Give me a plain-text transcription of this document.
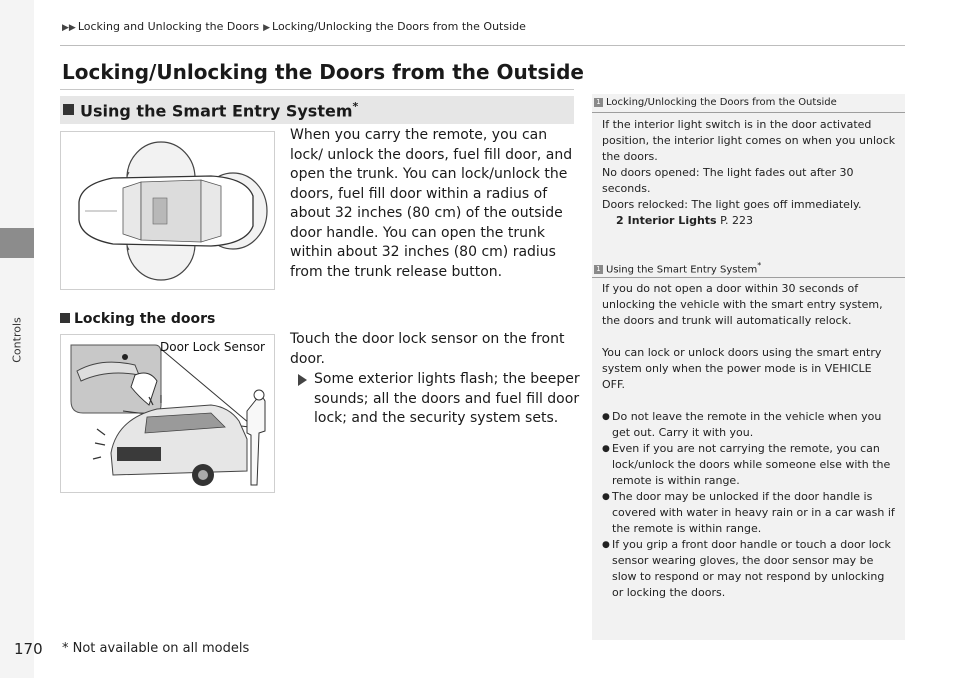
▶▶ Locking and Unlocking the Doors ▶ Locking/Unlocking the Doors from the Outside
Controls
170
Locking/Unlocking the Doors from the Outside
Using the Smart Entry System*
When you carry the remote, you can lock/ unlock the doors, fuel fill door, and open the trunk. You can lock/unlock the doors, fuel fill door within a radius of about 32 inches (80 cm) of the outside door handle. You can open the trunk within about 32 inches (80 cm) radius from the trunk release button.
Locking the doors
Door Lock Sensor Touch the door lock sensor on the front door.
Some exterior lights flash; the beeper sounds; all the doors and fuel fill door lock; and the security system sets.
1 Locking/Unlocking the Doors from the Outside

If the interior light switch is in the door activated position, the interior light comes on when you unlock the doors.

No doors opened: The light fades out after 30 seconds.

Doors relocked: The light goes off immediately.

2 Interior Lights P. 223

1 Using the Smart Entry System*

If you do not open a door within 30 seconds of unlocking the vehicle with the smart entry system, the doors and trunk will automatically relock.

You can lock or unlock doors using the smart entry system only when the power mode is in VEHICLE OFF.

● Do not leave the remote in the vehicle when you get out. Carry it with you.
● Even if you are not carrying the remote, you can lock/unlock the doors while someone else with the remote is within range.
● The door may be unlocked if the door handle is covered with water in heavy rain or in a car wash if the remote is within range.
● If you grip a front door handle or touch a door lock sensor wearing gloves, the door sensor may be slow to respond or may not respond by unlocking or locking the doors.
* Not available on all models
